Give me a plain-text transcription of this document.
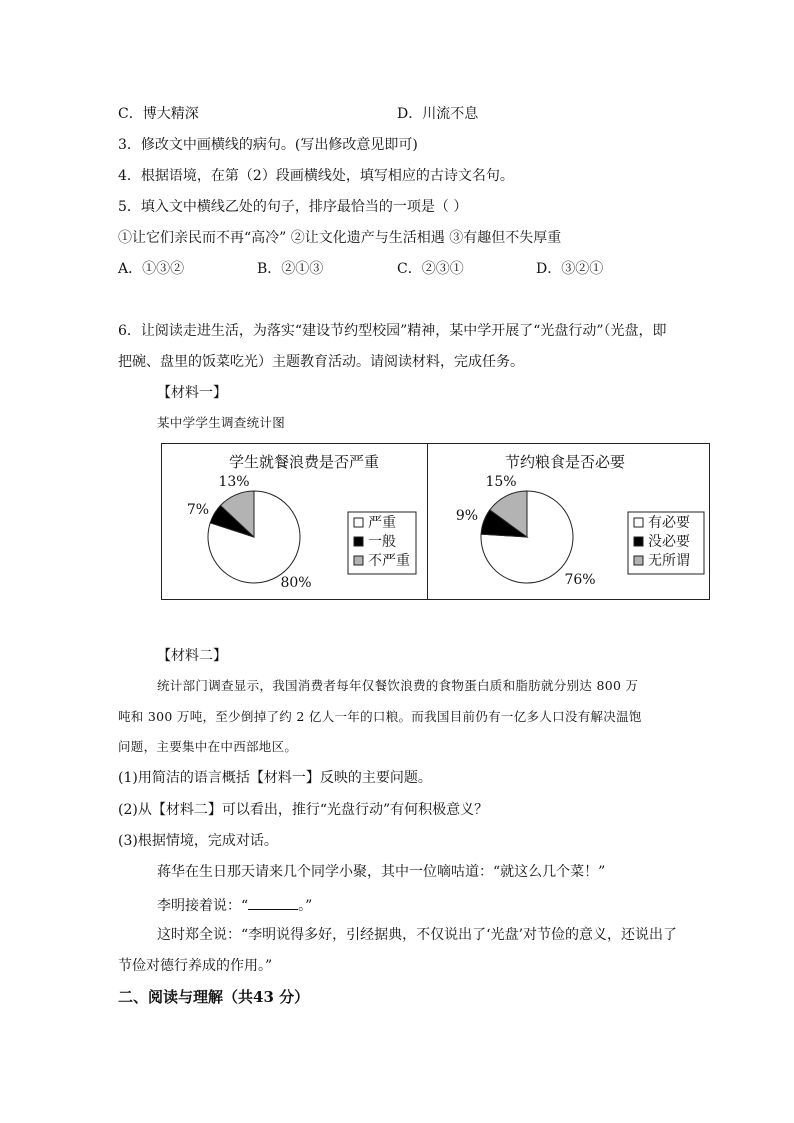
C．博大精深	D．川流不息
3．修改文中画横线的病句。(写出修改意见即可)
4．根据语境，在第（2）段画横线处，填写相应的古诗文名句。
5．填入文中横线乙处的句子，排序最恰当的一项是（ ）
①让它们亲民而不再“高冷” ②让文化遗产与生活相遇 ③有趣但不失厚重
A．①③②	B．②①③	C．②③①	D．③②①
6．让阅读走进生活，为落实“建设节约型校园”精神，某中学开展了“光盘行动”（光盘，即
把碗、盘里的饭菜吃光）主题教育活动。请阅读材料，完成任务。
【材料一】
某中学学生调查统计图
学生就餐浪费是否严重
80%
7%
13%
严重
一般
不严重
节约粮食是否必要
76%
9%
15%
有必要
没必要
无所谓
【材料二】
统计部门调查显示，我国消费者每年仅餐饮浪费的食物蛋白质和脂肪就分别达 800 万
吨和 300 万吨，至少倒掉了约 2 亿人一年的口粮。而我国目前仍有一亿多人口没有解决温饱
问题，主要集中在中西部地区。
(1)用简洁的语言概括【材料一】反映的主要问题。
(2)从【材料二】可以看出，推行“光盘行动”有何积极意义？
(3)根据情境，完成对话。
蒋华在生日那天请来几个同学小聚，其中一位嘀咕道：“就这么几个菜！”
李明接着说：“	。”
这时郑全说：“李明说得多好，引经据典，不仅说出了‘光盘’对节俭的意义，还说出了
节俭对德行养成的作用。”
二、阅读与理解（共43 分）
